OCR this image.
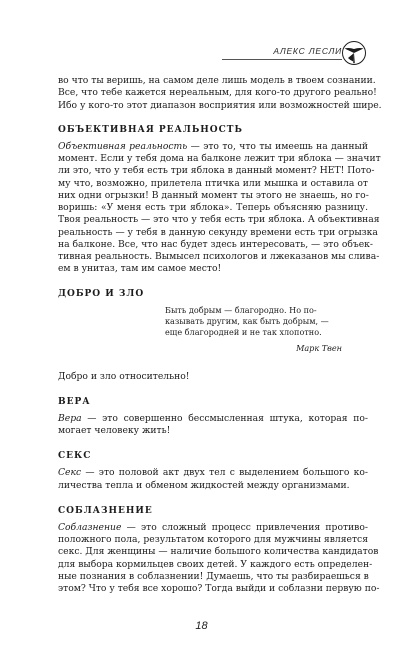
АЛЕКС ЛЕСЛИ

во что ты веришь, на самом деле лишь модель в твоем сознании.
Все, что тебе кажется нереальным, для кого-то другого реально!
Ибо у кого-то этот диапазон восприятия или возможностей шире.

ОБЪЕКТИВНАЯ РЕАЛЬНОСТЬ

Объективная реальность — это то, что ты имеешь на данный
момент. Если у тебя дома на балконе лежит три яблока — значит
ли это, что у тебя есть три яблока в данный момент? НЕТ! Пото-
му что, возможно, прилетела птичка или мышка и оставила от
них одни огрызки! В данный момент ты этого не знаешь, но го-
воришь: «У меня есть три яблока». Теперь объясняю разницу.
Твоя реальность — это что у тебя есть три яблока. А объективная
реальность — у тебя в данную секунду времени есть три огрызка
на балконе. Все, что нас будет здесь интересовать, — это объек-
тивная реальность. Вымысел психологов и лжеказанов мы слива-
ем в унитаз, там им самое место!

ДОБРО И ЗЛО
Быть добрым — благородно. Но по-
казывать другим, как быть добрым, —
еще благородней и не так хлопотно.
Марк Твен

Добро и зло относительно!

ВЕРА

Вера — это совершенно бессмысленная штука, которая по-
могает человеку жить!

СЕКС

Секс — это половой акт двух тел с выделением большого ко-
личества тепла и обменом жидкостей между организмами.

СОБЛАЗНЕНИЕ

Соблазнение — это сложный процесс привлечения противо-
положного пола, результатом которого для мужчины является
секс. Для женщины — наличие большого количества кандидатов
для выбора кормильцев своих детей. У каждого есть определен-
ные познания в соблазнении! Думаешь, что ты разбираешься в
этом? Что у тебя все хорошо? Тогда выйди и соблазни первую по-

18
